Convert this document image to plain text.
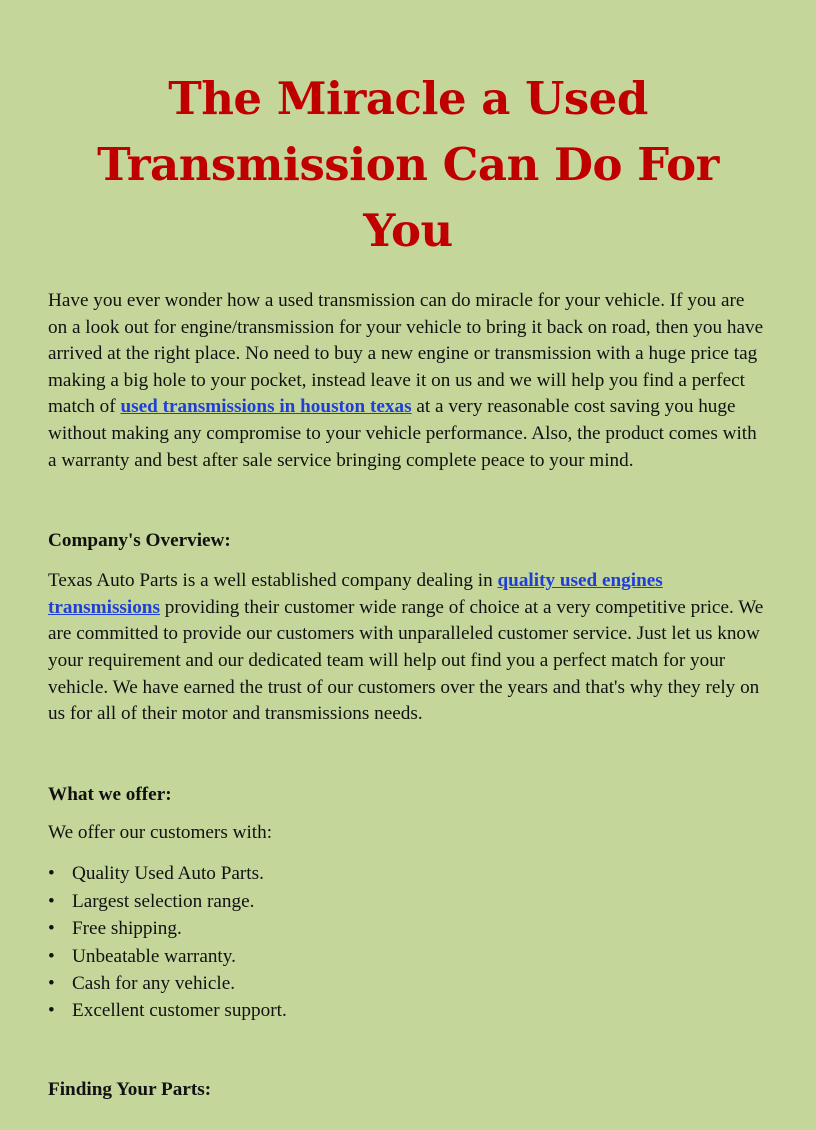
The Miracle a Used Transmission Can Do For You

Have you ever wonder how a used transmission can do miracle for your vehicle. If you are on a look out for engine/transmission for your vehicle to bring it back on road, then you have arrived at the right place. No need to buy a new engine or transmission with a huge price tag making a big hole to your pocket, instead leave it on us and we will help you find a perfect match of used transmissions in houston texas at a very reasonable cost saving you huge without making any compromise to your vehicle performance. Also, the product comes with a warranty and best after sale service bringing complete peace to your mind.

Company's Overview:

Texas Auto Parts is a well established company dealing in quality used engines transmissions providing their customer wide range of choice at a very competitive price. We are committed to provide our customers with unparalleled customer service. Just let us know your requirement and our dedicated team will help out find you a perfect match for your vehicle. We have earned the trust of our customers over the years and that's why they rely on us for all of their motor and transmissions needs.

What we offer:

We offer our customers with:

• Quality Used Auto Parts.
• Largest selection range.
• Free shipping.
• Unbeatable warranty.
• Cash for any vehicle.
• Excellent customer support.
Finding Your Parts:
